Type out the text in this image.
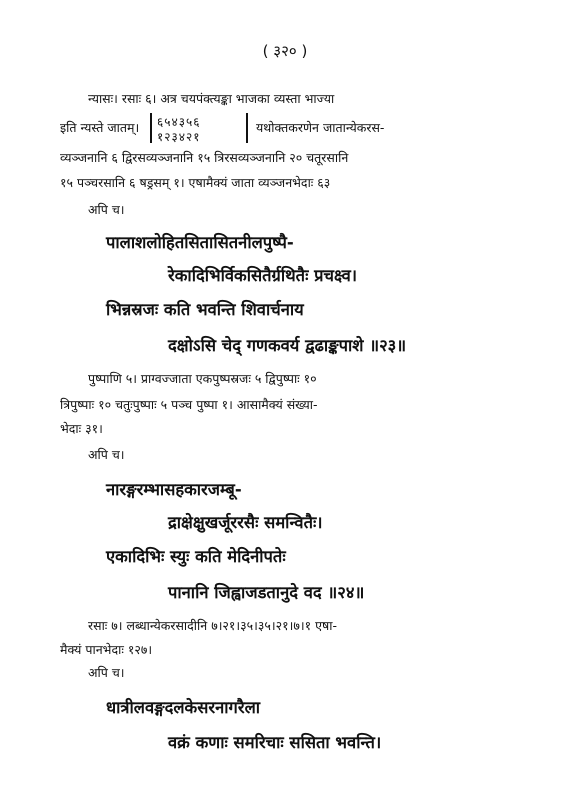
( ३२० )
न्यासः। रसाः ६। अत्र चयपंक्त्यङ्का भाजका व्यस्ता भाज्या
इति न्यस्ते जातम्। ६५४३५६
१२३४२१
यथोक्तकरणेन जातान्येकरस-
व्यञ्जनानि ६ द्विरसव्यञ्जनानि १५ त्रिरसव्यञ्जनानि २० चतूरसानि
१५ पञ्चरसानि ६ षड्रसम् १। एषामैक्यं जाता व्यञ्जनभेदाः ६३
अपि च।
पालाशलोहितसितासितनीलपुष्पै-
रेकादिभिर्विकसितैर्ग्रथितैः प्रचक्ष्व।
भिन्नस्रजः कति भवन्ति शिवार्चनाय
दक्षोऽसि चेद् गणकवर्य द्वढाङ्कपाशे ॥२३॥
पुष्पाणि ५। प्राग्वज्जाता एकपुष्पस्रजः ५ द्विपुष्पाः १०
त्रिपुष्पाः १० चतुःपुष्पाः ५ पञ्च पुष्पा १। आसामैक्यं संख्या-
भेदाः ३१।
अपि च।
नारङ्गरम्भासहकारजम्बू-
द्राक्षेक्षुखर्जूररसैः समन्वितैः।
एकादिभिः स्युः कति मेदिनीपतेः
पानानि जिह्वाजडतानुदे वद ॥२४॥
रसाः ७। लब्धान्येकरसादीनि ७।२१।३५।३५।२१।७।१ एषा-
मैक्यं पानभेदाः १२७।
अपि च।
धात्रीलवङ्गदलकेसरनागरैला
वक्रं कणाः समरिचाः ससिता भवन्ति।
